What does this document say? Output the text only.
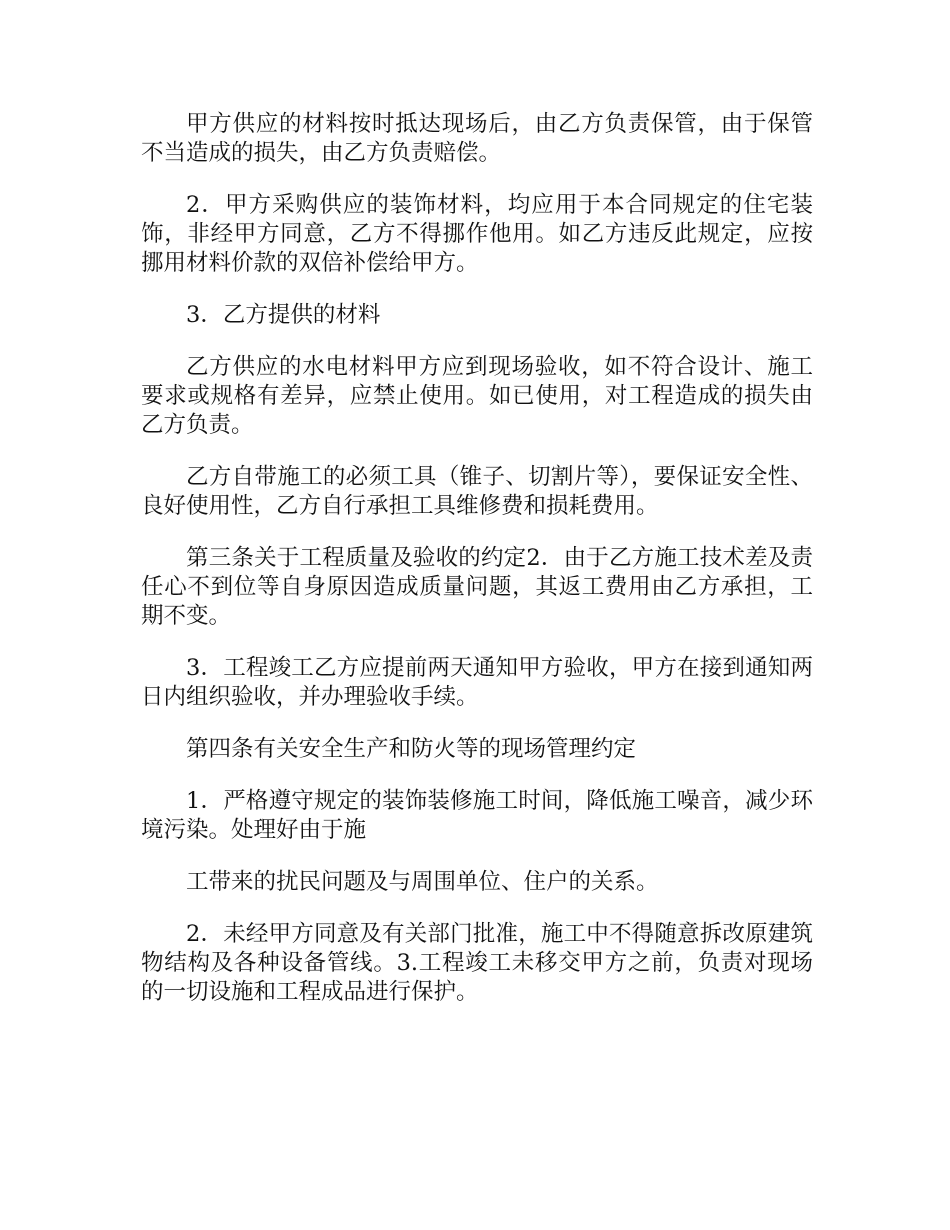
甲方供应的材料按时抵达现场后，由乙方负责保管，由于保管不当造成的损失，由乙方负责赔偿。

2．甲方采购供应的装饰材料，均应用于本合同规定的住宅装饰，非经甲方同意，乙方不得挪作他用。如乙方违反此规定，应按挪用材料价款的双倍补偿给甲方。

3．乙方提供的材料

乙方供应的水电材料甲方应到现场验收，如不符合设计、施工要求或规格有差异，应禁止使用。如已使用，对工程造成的损失由乙方负责。

乙方自带施工的必须工具（锥子、切割片等），要保证安全性、良好使用性，乙方自行承担工具维修费和损耗费用。

第三条关于工程质量及验收的约定2．由于乙方施工技术差及责任心不到位等自身原因造成质量问题，其返工费用由乙方承担，工期不变。

3．工程竣工乙方应提前两天通知甲方验收，甲方在接到通知两日内组织验收，并办理验收手续。

第四条有关安全生产和防火等的现场管理约定

1．严格遵守规定的装饰装修施工时间，降低施工噪音，减少环境污染。处理好由于施

工带来的扰民问题及与周围单位、住户的关系。

2．未经甲方同意及有关部门批准，施工中不得随意拆改原建筑物结构及各种设备管线。3.工程竣工未移交甲方之前，负责对现场的一切设施和工程成品进行保护。
